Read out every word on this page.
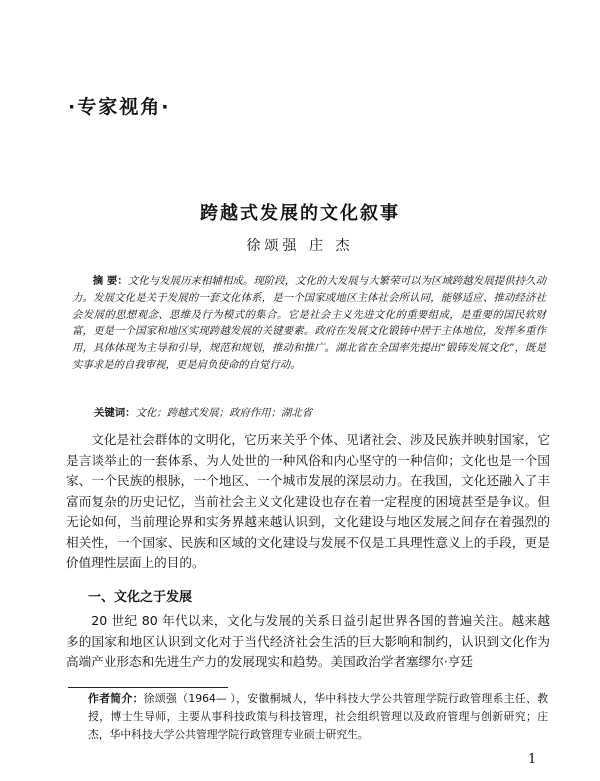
·专家视角·
跨越式发展的文化叙事
徐颂强 庄 杰

摘 要：文化与发展历来相辅相成。现阶段，文化的大发展与大繁荣可以为区域跨越发展提供持久动力。发展文化是关于发展的一套文化体系，是一个国家或地区主体社会所认同，能够适应、推动经济社会发展的思想观念、思维及行为模式的集合。它是社会主义先进文化的重要组成，是重要的国民软财富，更是一个国家和地区实现跨越发展的关键要素。政府在发展文化锻铸中居于主体地位，发挥多重作用，具体体现为主导和引导，规范和规划，推动和推广。湖北省在全国率先提出“锻铸发展文化”，既是实事求是的自我审视，更是肩负使命的自觉行动。

关键词：文化；跨越式发展；政府作用；湖北省

文化是社会群体的文明化，它历来关乎个体、见诸社会、涉及民族并映射国家，它是言谈举止的一套体系、为人处世的一种风俗和内心坚守的一种信仰；文化也是一个国家、一个民族的根脉，一个地区、一个城市发展的深层动力。在我国，文化还融入了丰富而复杂的历史记忆，当前社会主义文化建设也存在着一定程度的困境甚至是争议。但无论如何，当前理论界和实务界越来越认识到，文化建设与地区发展之间存在着强烈的相关性，一个国家、民族和区域的文化建设与发展不仅是工具理性意义上的手段，更是价值理性层面上的目的。

一、文化之于发展

20 世纪 80 年代以来，文化与发展的关系日益引起世界各国的普遍关注。越来越多的国家和地区认识到文化对于当代经济社会生活的巨大影响和制约，认识到文化作为高端产业形态和先进生产力的发展现实和趋势。美国政治学者塞缪尔·亨廷

作者简介：徐颂强（1964— ），安徽桐城人，华中科技大学公共管理学院行政管理系主任、教授，博士生导师，主要从事科技政策与科技管理，社会组织管理以及政府管理与创新研究；庄杰，华中科技大学公共管理学院行政管理专业硕士研究生。

1
